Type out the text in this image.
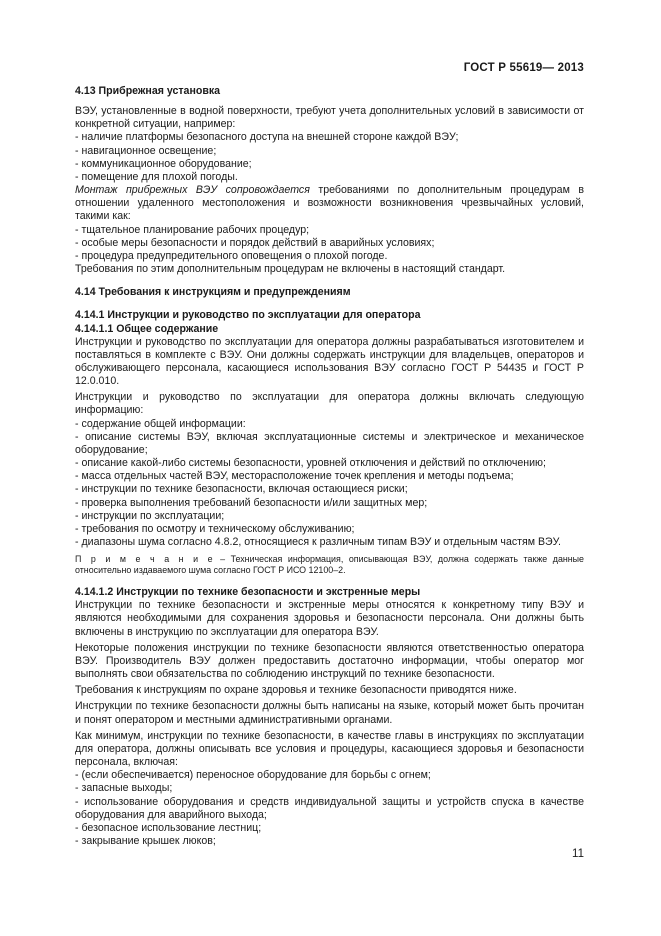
ГОСТ Р 55619— 2013

4.13 Прибрежная установка

ВЭУ, установленные в водной поверхности, требуют учета дополнительных условий в зависимости от конкретной ситуации, например:

- наличие платформы безопасного доступа на внешней стороне каждой ВЭУ;

- навигационное освещение;

- коммуникационное оборудование;

- помещение для плохой погоды.

Монтаж прибрежных ВЭУ сопровождается требованиями по дополнительным процедурам в отношении удаленного местоположения и возможности возникновения чрезвычайных условий, такими как:

- тщательное планирование рабочих процедур;

- особые меры безопасности и порядок действий в аварийных условиях;

- процедура предупредительного оповещения о плохой погоде.

Требования по этим дополнительным процедурам не включены в настоящий стандарт.

4.14 Требования к инструкциям и предупреждениям

4.14.1 Инструкции и руководство по эксплуатации для оператора

4.14.1.1 Общее содержание

Инструкции и руководство по эксплуатации для оператора должны разрабатываться изготовителем и поставляться в комплекте с ВЭУ. Они должны содержать инструкции для владельцев, операторов и обслуживающего персонала, касающиеся использования ВЭУ согласно ГОСТ Р 54435 и ГОСТ Р 12.0.010.

Инструкции и руководство по эксплуатации для оператора должны включать следующую информацию:

- содержание общей информации:

- описание системы ВЭУ, включая эксплуатационные системы и электрическое и механическое оборудование;

- описание какой-либо системы безопасности, уровней отключения и действий по отключению;

- масса отдельных частей ВЭУ, месторасположение точек крепления и методы подъема;

- инструкции по технике безопасности, включая остающиеся риски;

- проверка выполнения требований безопасности и/или защитных мер;

- инструкции по эксплуатации;

- требования по осмотру и техническому обслуживанию;

- диапазоны шума согласно 4.8.2, относящиеся к различным типам ВЭУ и отдельным частям ВЭУ.

П р и м е ч а н и е – Техническая информация, описывающая ВЭУ, должна содержать также данные относительно издаваемого шума согласно ГОСТ Р ИСО 12100–2.

4.14.1.2 Инструкции по технике безопасности и экстренные меры

Инструкции по технике безопасности и экстренные меры относятся к конкретному типу ВЭУ и являются необходимыми для сохранения здоровья и безопасности персонала. Они должны быть включены в инструкцию по эксплуатации для оператора ВЭУ.

Некоторые положения инструкции по технике безопасности являются ответственностью оператора ВЭУ. Производитель ВЭУ должен предоставить достаточно информации, чтобы оператор мог выполнять свои обязательства по соблюдению инструкций по технике безопасности.

Требования к инструкциям по охране здоровья и технике безопасности приводятся ниже.

Инструкции по технике безопасности должны быть написаны на языке, который может быть прочитан и понят оператором и местными административными органами.

Как минимум, инструкции по технике безопасности, в качестве главы в инструкциях по эксплуатации для оператора, должны описывать все условия и процедуры, касающиеся здоровья и безопасности персонала, включая:

- (если обеспечивается) переносное оборудование для борьбы с огнем;

- запасные выходы;

- использование оборудования и средств индивидуальной защиты и устройств спуска в качестве оборудования для аварийного выхода;

- безопасное использование лестниц;

- закрывание крышек люков;

11
